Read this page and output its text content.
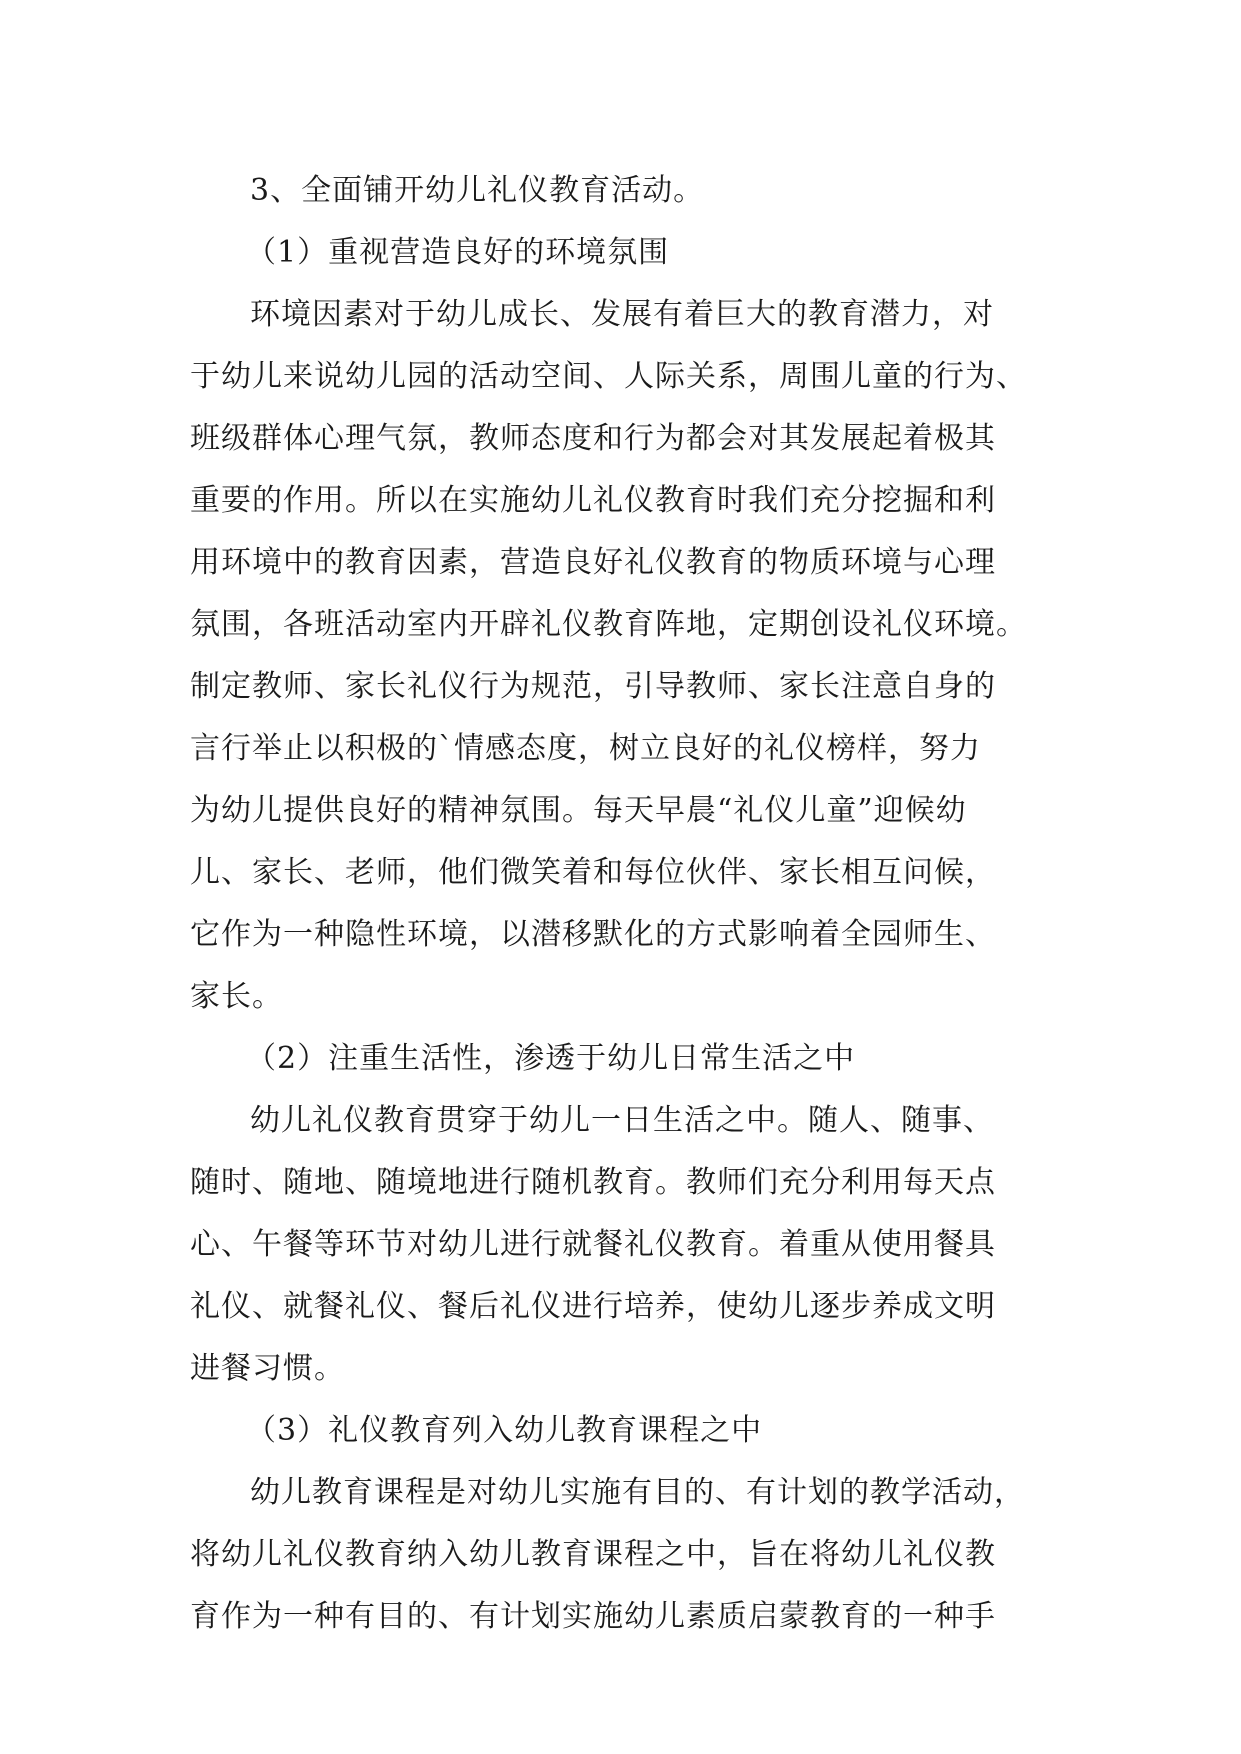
3、全面铺开幼儿礼仪教育活动。
（1）重视营造良好的环境氛围
环境因素对于幼儿成长、发展有着巨大的教育潜力，对
于幼儿来说幼儿园的活动空间、人际关系，周围儿童的行为、
班级群体心理气氛，教师态度和行为都会对其发展起着极其
重要的作用。所以在实施幼儿礼仪教育时我们充分挖掘和利
用环境中的教育因素，营造良好礼仪教育的物质环境与心理
氛围，各班活动室内开辟礼仪教育阵地，定期创设礼仪环境。
制定教师、家长礼仪行为规范，引导教师、家长注意自身的
言行举止以积极的`情感态度，树立良好的礼仪榜样，努力
为幼儿提供良好的精神氛围。每天早晨“礼仪儿童”迎候幼
儿、家长、老师，他们微笑着和每位伙伴、家长相互问候，
它作为一种隐性环境，以潜移默化的方式影响着全园师生、
家长。
（2）注重生活性，渗透于幼儿日常生活之中
幼儿礼仪教育贯穿于幼儿一日生活之中。随人、随事、
随时、随地、随境地进行随机教育。教师们充分利用每天点
心、午餐等环节对幼儿进行就餐礼仪教育。着重从使用餐具
礼仪、就餐礼仪、餐后礼仪进行培养，使幼儿逐步养成文明
进餐习惯。
（3）礼仪教育列入幼儿教育课程之中
幼儿教育课程是对幼儿实施有目的、有计划的教学活动，
将幼儿礼仪教育纳入幼儿教育课程之中，旨在将幼儿礼仪教
育作为一种有目的、有计划实施幼儿素质启蒙教育的一种手
